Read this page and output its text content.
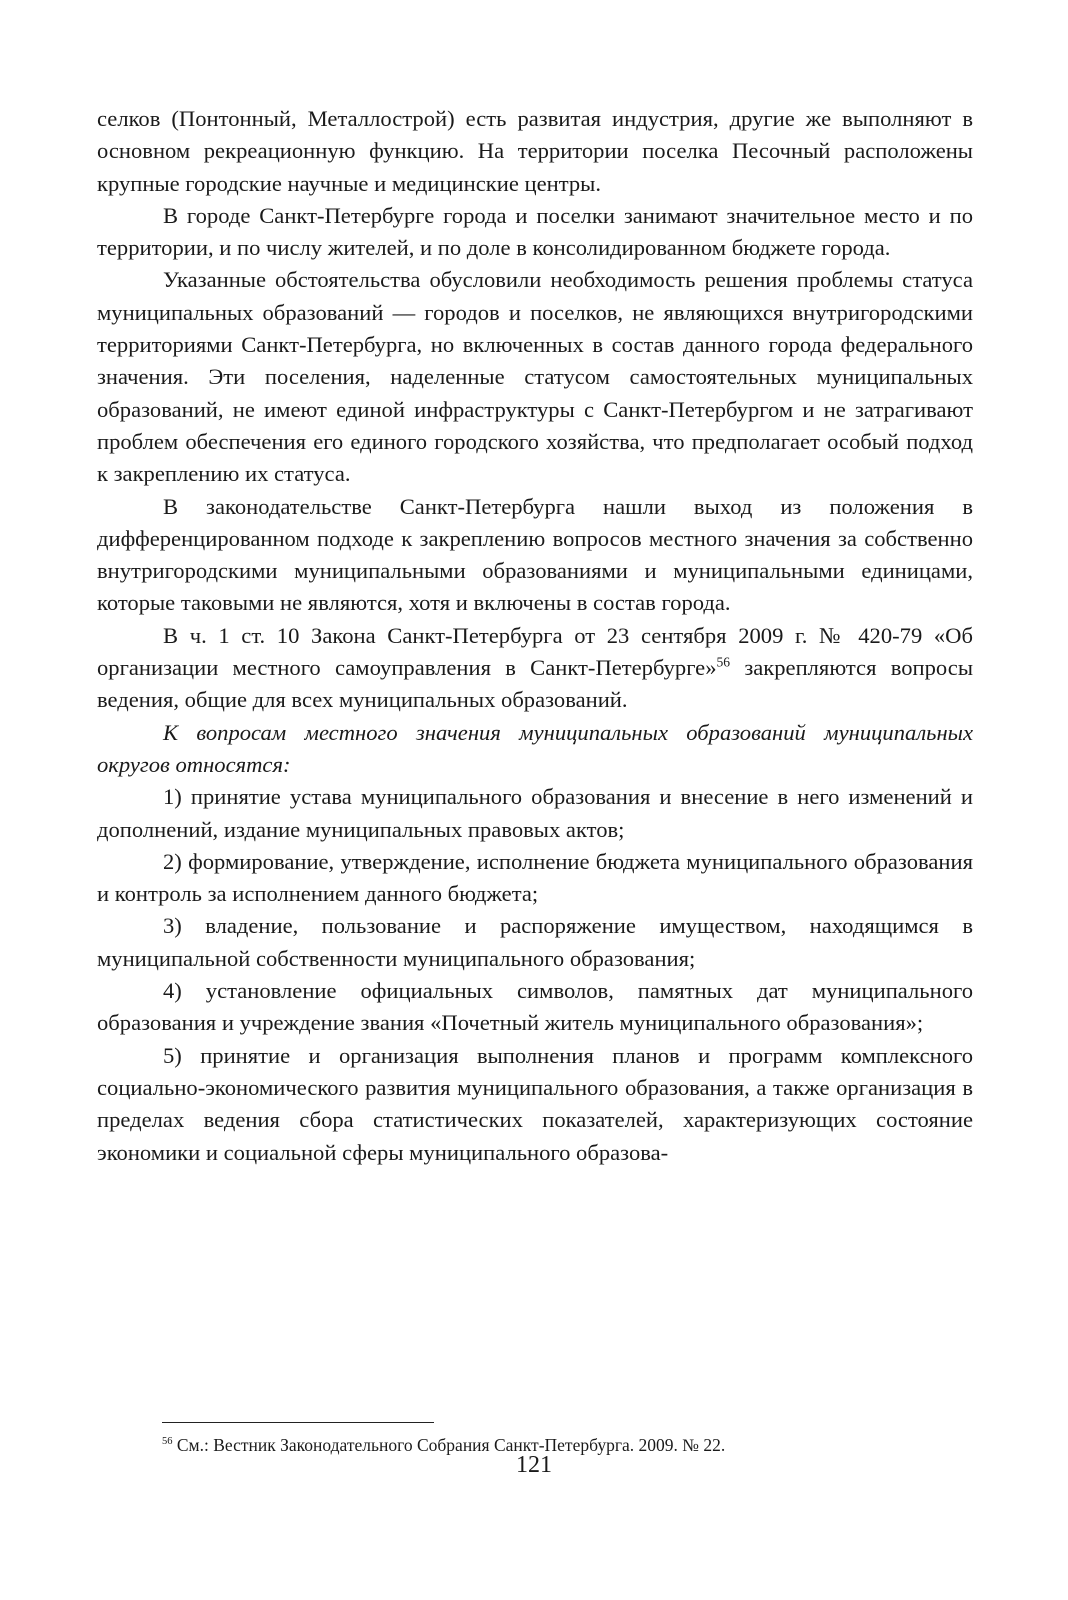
селков (Понтонный, Металлострой) есть развитая индустрия, другие же выполняют в основном рекреационную функцию. На территории поселка Песочный расположены крупные городские научные и медицинские центры.

В городе Санкт-Петербурге города и поселки занимают значительное место и по территории, и по числу жителей, и по доле в консолидированном бюджете города.

Указанные обстоятельства обусловили необходимость решения проблемы статуса муниципальных образований — городов и поселков, не являющихся внутригородскими территориями Санкт-Петербурга, но включенных в состав данного города федерального значения. Эти поселения, наделенные статусом самостоятельных муниципальных образований, не имеют единой инфраструктуры с Санкт-Петербургом и не затрагивают проблем обеспечения его единого городского хозяйства, что предполагает особый подход к закреплению их статуса.

В законодательстве Санкт-Петербурга нашли выход из положения в дифференцированном подходе к закреплению вопросов местного значения за собственно внутригородскими муниципальными образованиями и муниципальными единицами, которые таковыми не являются, хотя и включены в состав города.

В ч. 1 ст. 10 Закона Санкт-Петербурга от 23 сентября 2009 г. № 420-79 «Об организации местного самоуправления в Санкт-Петербурге»$^{56}$ закрепляются вопросы ведения, общие для всех муниципальных образований.

К вопросам местного значения муниципальных образований муниципальных округов относятся:

1) принятие устава муниципального образования и внесение в него изменений и дополнений, издание муниципальных правовых актов;

2) формирование, утверждение, исполнение бюджета муниципального образования и контроль за исполнением данного бюджета;

3) владение, пользование и распоряжение имуществом, находящимся в муниципальной собственности муниципального образования;

4) установление официальных символов, памятных дат муниципального образования и учреждение звания «Почетный житель муниципального образования»;

5) принятие и организация выполнения планов и программ комплексного социально-экономического развития муниципального образования, а также организация в пределах ведения сбора статистических показателей, характеризующих состояние экономики и социальной сферы муниципального образова-

$^{56}$ См.: Вестник Законодательного Собрания Санкт-Петербурга. 2009. № 22.
121
